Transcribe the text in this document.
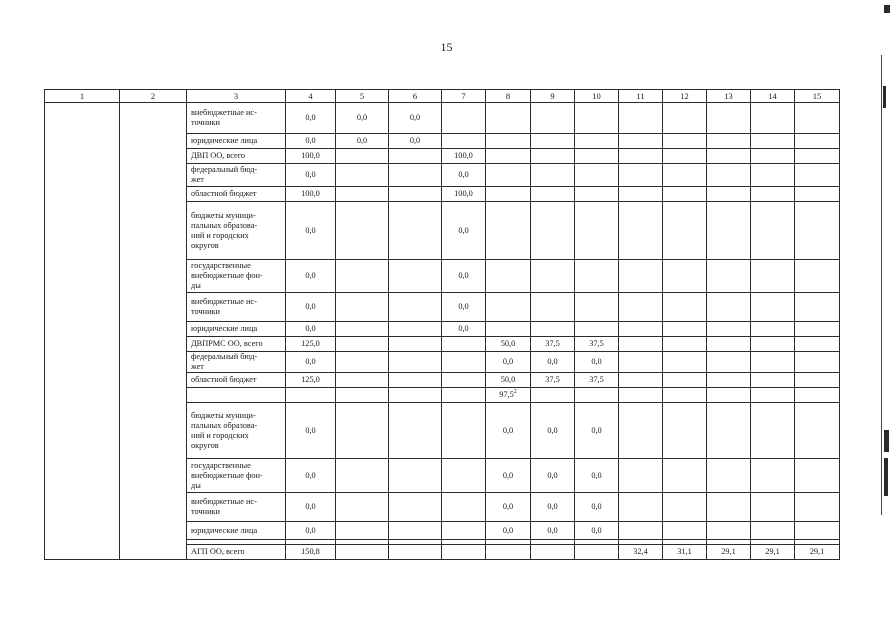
15
1	2	3	4	5	6	7	8	9	10	11	12	13	14	15
		внебюджетные ис-
точники	0,0	0,0	0,0									
		юридические лица	0,0	0,0	0,0									
		ДВП ОО, всего	100,0			100,0								
		федеральный бюд-
жет	0,0			0,0								
		областной бюджет	100,0			100,0								
		бюджеты муници-
пальных образова-
ний и городских
округов	0,0			0,0								
		государственные
внебюджетные фон-
ды	0,0			0,0								
		внебюджетные ис-
точники	0,0			0,0								
		юридические лица	0,0			0,0								
		ДВПРМС ОО, всего	125,0				50,0	37,5	37,5					
		федеральный бюд-
жет	0,0				0,0	0,0	0,0					
		областной бюджет	125,0				50,0	37,5	37,5					
							97,5$^2$							
		бюджеты муници-
пальных образова-
ний и городских
округов	0,0				0,0	0,0	0,0					
		государственные
внебюджетные фон-
ды	0,0				0,0	0,0	0,0					
		внебюджетные ис-
точники	0,0				0,0	0,0	0,0					
		юридические лица	0,0				0,0	0,0	0,0					

		АГП ОО, всего	150,8							32,4	31,1	29,1	29,1	29,1
